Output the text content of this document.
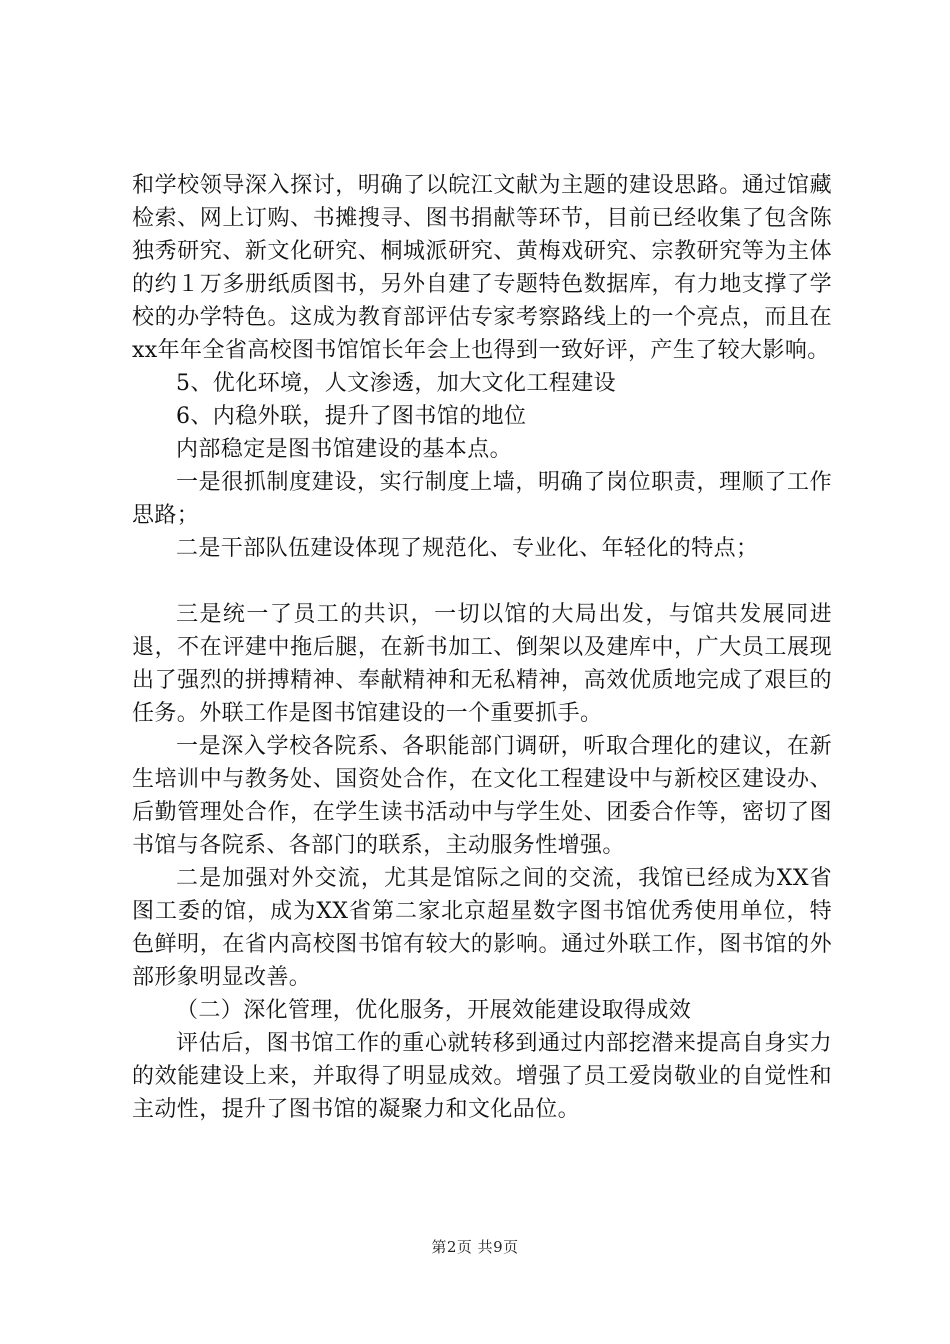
和学校领导深入探讨，明确了以皖江文献为主题的建设思路。通过馆藏检索、网上订购、书摊搜寻、图书捐献等环节，目前已经收集了包含陈独秀研究、新文化研究、桐城派研究、黄梅戏研究、宗教研究等为主体的约１万多册纸质图书，另外自建了专题特色数据库，有力地支撑了学校的办学特色。这成为教育部评估专家考察路线上的一个亮点，而且在xx年年全省高校图书馆馆长年会上也得到一致好评，产生了较大影响。

5、优化环境，人文渗透，加大文化工程建设

6、内稳外联，提升了图书馆的地位

内部稳定是图书馆建设的基本点。

一是很抓制度建设，实行制度上墙，明确了岗位职责，理顺了工作思路；

二是干部队伍建设体现了规范化、专业化、年轻化的特点；

三是统一了员工的共识，一切以馆的大局出发，与馆共发展同进退，不在评建中拖后腿，在新书加工、倒架以及建库中，广大员工展现出了强烈的拼搏精神、奉献精神和无私精神，高效优质地完成了艰巨的任务。外联工作是图书馆建设的一个重要抓手。

一是深入学校各院系、各职能部门调研，听取合理化的建议，在新生培训中与教务处、国资处合作，在文化工程建设中与新校区建设办、后勤管理处合作，在学生读书活动中与学生处、团委合作等，密切了图书馆与各院系、各部门的联系，主动服务性增强。

二是加强对外交流，尤其是馆际之间的交流，我馆已经成为XX省图工委的馆，成为XX省第二家北京超星数字图书馆优秀使用单位，特色鲜明，在省内高校图书馆有较大的影响。通过外联工作，图书馆的外部形象明显改善。

（二）深化管理，优化服务，开展效能建设取得成效

评估后，图书馆工作的重心就转移到通过内部挖潜来提高自身实力的效能建设上来，并取得了明显成效。增强了员工爱岗敬业的自觉性和主动性，提升了图书馆的凝聚力和文化品位。

第2页 共9页
